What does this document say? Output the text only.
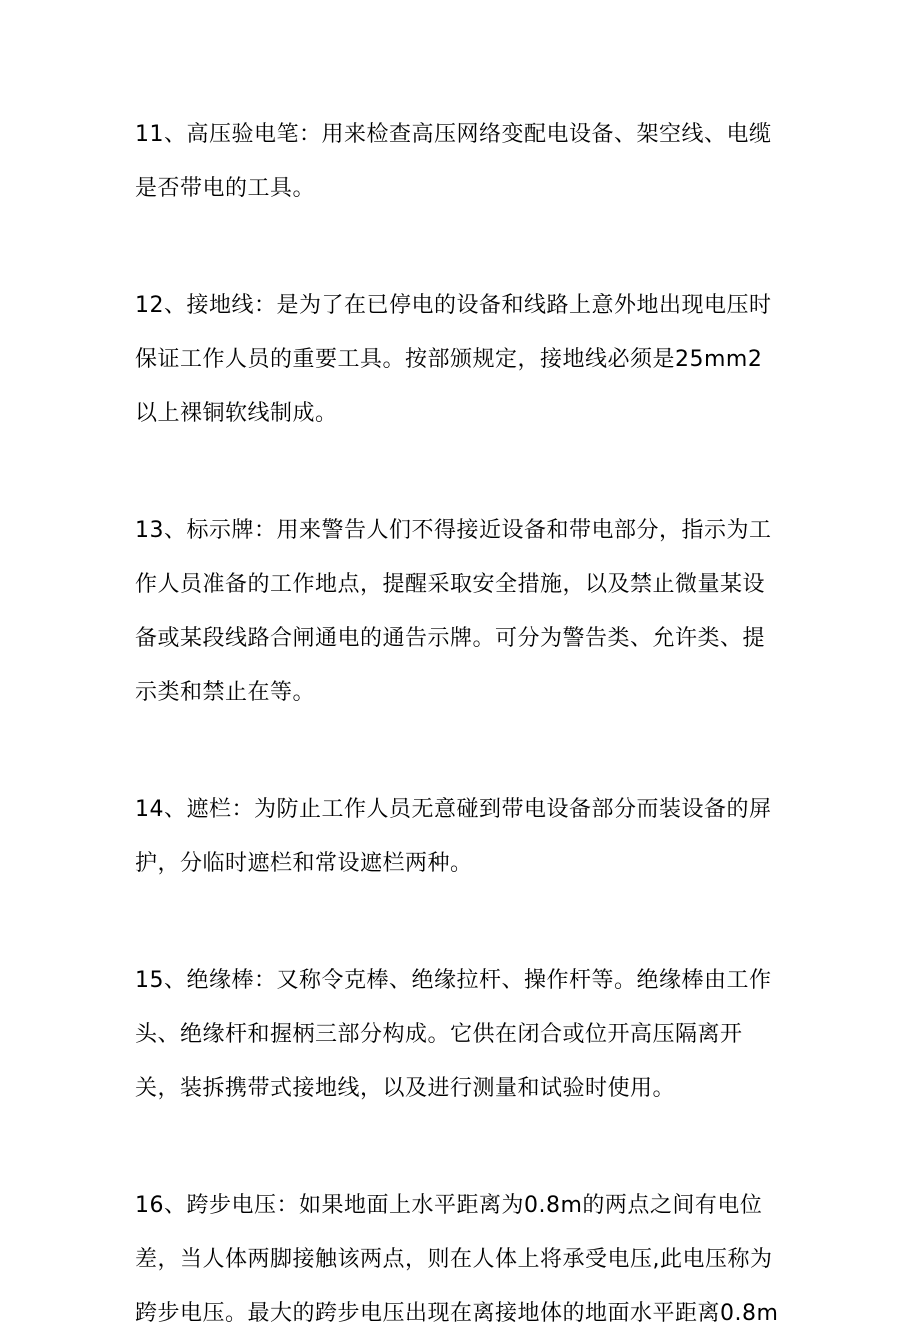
11、高压验电笔：用来检查高压网络变配电设备、架空线、电缆
是否带电的工具。
12、接地线：是为了在已停电的设备和线路上意外地出现电压时
保证工作人员的重要工具。按部颁规定，接地线必须是25mm2
以上裸铜软线制成。
13、标示牌：用来警告人们不得接近设备和带电部分，指示为工
作人员准备的工作地点，提醒采取安全措施，以及禁止微量某设
备或某段线路合闸通电的通告示牌。可分为警告类、允许类、提
示类和禁止在等。
14、遮栏：为防止工作人员无意碰到带电设备部分而装设备的屏
护，分临时遮栏和常设遮栏两种。
15、绝缘棒：又称令克棒、绝缘拉杆、操作杆等。绝缘棒由工作
头、绝缘杆和握柄三部分构成。它供在闭合或位开高压隔离开
关，装拆携带式接地线，以及进行测量和试验时使用。
16、跨步电压：如果地面上水平距离为0.8m的两点之间有电位
差，当人体两脚接触该两点，则在人体上将承受电压,此电压称为
跨步电压。最大的跨步电压出现在离接地体的地面水平距离0.8m
